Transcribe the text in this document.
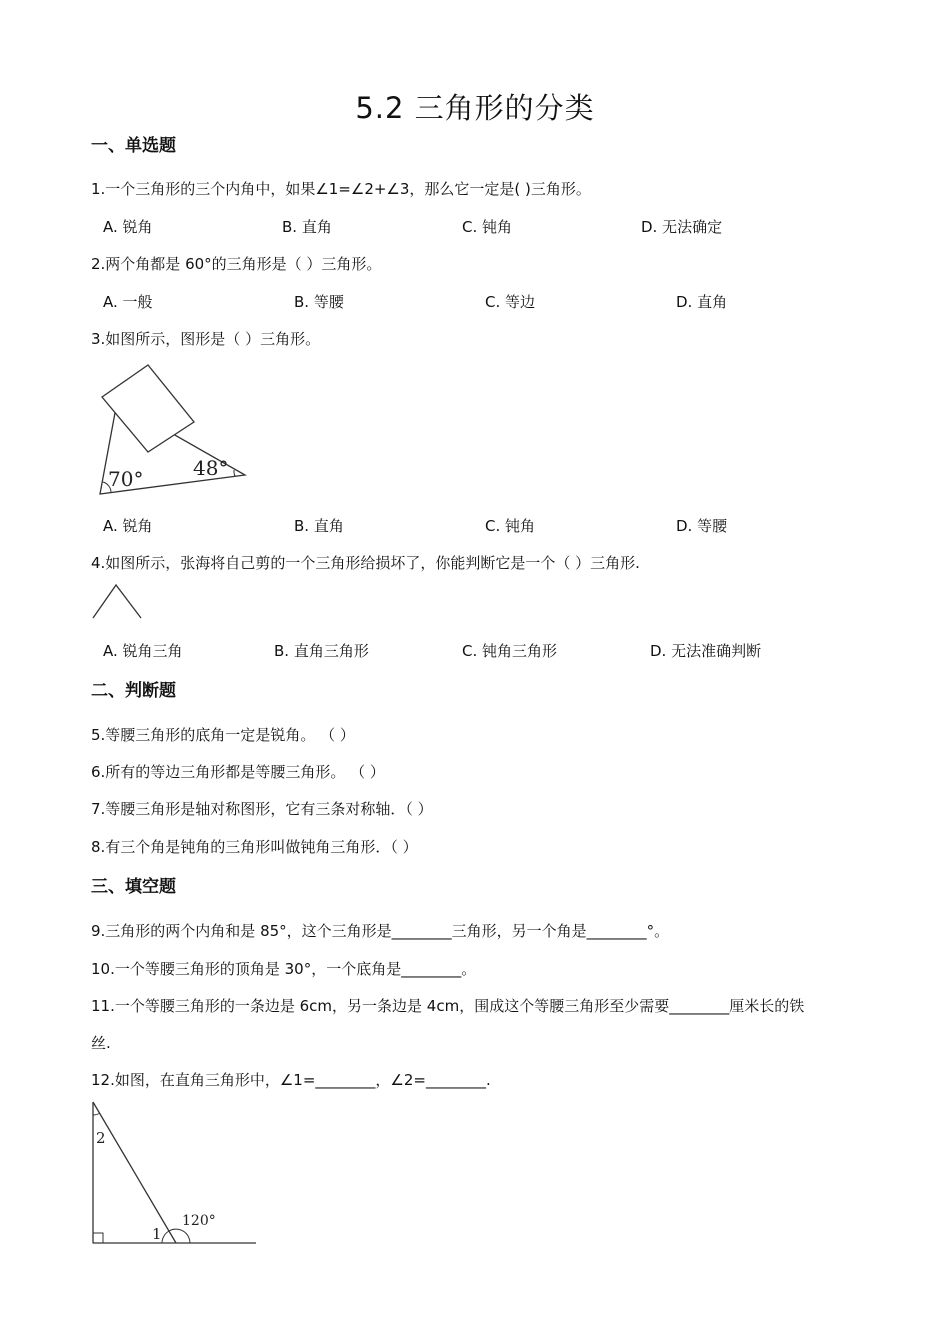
5.2 三角形的分类
一、单选题
1.一个三角形的三个内角中，如果∠1=∠2+∠3，那么它一定是( )三角形。
A. 锐角	B. 直角	C. 钝角	D. 无法确定
2.两个角都是 60°的三角形是（ ）三角形。
A. 一般	B. 等腰	C. 等边	D. 直角
3.如图所示，图形是（ ）三角形。
70° 48°
A. 锐角	B. 直角	C. 钝角	D. 等腰
4.如图所示，张海将自己剪的一个三角形给损坏了，你能判断它是一个（ ）三角形.
A. 锐角三角	B. 直角三角形	C. 钝角三角形	D. 无法准确判断
二、判断题
5.等腰三角形的底角一定是锐角。 （ ）
6.所有的等边三角形都是等腰三角形。 （ ）
7.等腰三角形是轴对称图形，它有三条对称轴．（ ）
8.有三个角是钝角的三角形叫做钝角三角形．（ ）
三、填空题
9.三角形的两个内角和是 85°，这个三角形是________三角形，另一个角是________°。
10.一个等腰三角形的顶角是 30°，一个底角是________。
11.一个等腰三角形的一条边是 6cm，另一条边是 4cm，围成这个等腰三角形至少需要________厘米长的铁
丝.
12.如图，在直角三角形中，∠1=________，∠2=________.
2
1
120°
